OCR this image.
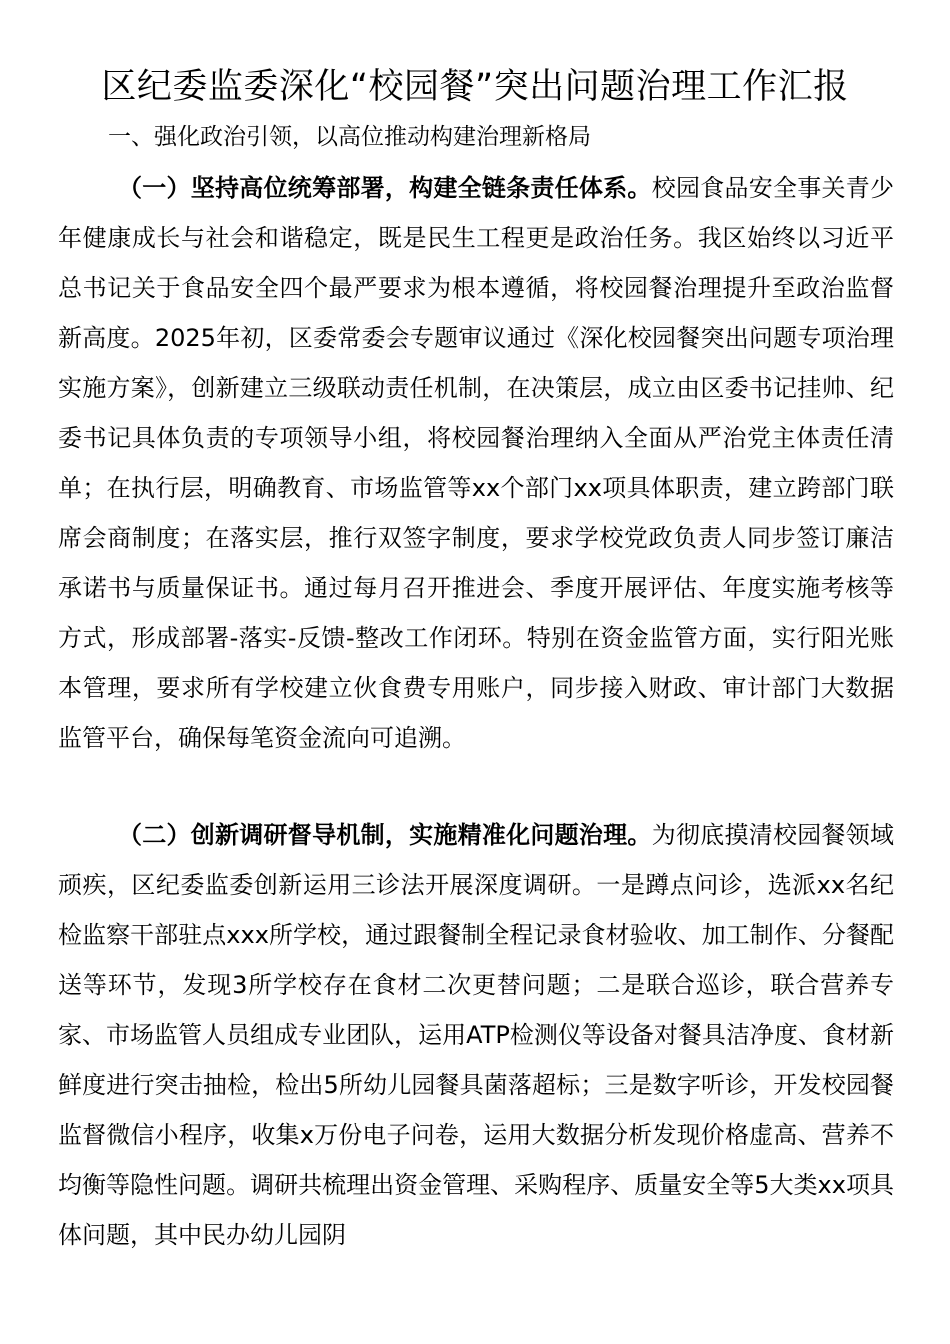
区纪委监委深化“校园餐”突出问题治理工作汇报
一、强化政治引领，以高位推动构建治理新格局

（一）坚持高位统筹部署，构建全链条责任体系。校园食品安全事关青少年健康成长与社会和谐稳定，既是民生工程更是政治任务。我区始终以习近平总书记关于食品安全四个最严要求为根本遵循，将校园餐治理提升至政治监督新高度。2025年初，区委常委会专题审议通过《深化校园餐突出问题专项治理实施方案》，创新建立三级联动责任机制，在决策层，成立由区委书记挂帅、纪委书记具体负责的专项领导小组，将校园餐治理纳入全面从严治党主体责任清单；在执行层，明确教育、市场监管等xx个部门xx项具体职责，建立跨部门联席会商制度；在落实层，推行双签字制度，要求学校党政负责人同步签订廉洁承诺书与质量保证书。通过每月召开推进会、季度开展评估、年度实施考核等方式，形成部署-落实-反馈-整改工作闭环。特别在资金监管方面，实行阳光账本管理，要求所有学校建立伙食费专用账户，同步接入财政、审计部门大数据监管平台，确保每笔资金流向可追溯。

（二）创新调研督导机制，实施精准化问题治理。为彻底摸清校园餐领域顽疾，区纪委监委创新运用三诊法开展深度调研。一是蹲点问诊，选派xx名纪检监察干部驻点xxx所学校，通过跟餐制全程记录食材验收、加工制作、分餐配送等环节，发现3所学校存在食材二次更替问题；二是联合巡诊，联合营养专家、市场监管人员组成专业团队，运用ATP检测仪等设备对餐具洁净度、食材新鲜度进行突击抽检，检出5所幼儿园餐具菌落超标；三是数字听诊，开发校园餐监督微信小程序，收集x万份电子问卷，运用大数据分析发现价格虚高、营养不均衡等隐性问题。调研共梳理出资金管理、采购程序、质量安全等5大类xx项具体问题，其中民办幼儿园阴
